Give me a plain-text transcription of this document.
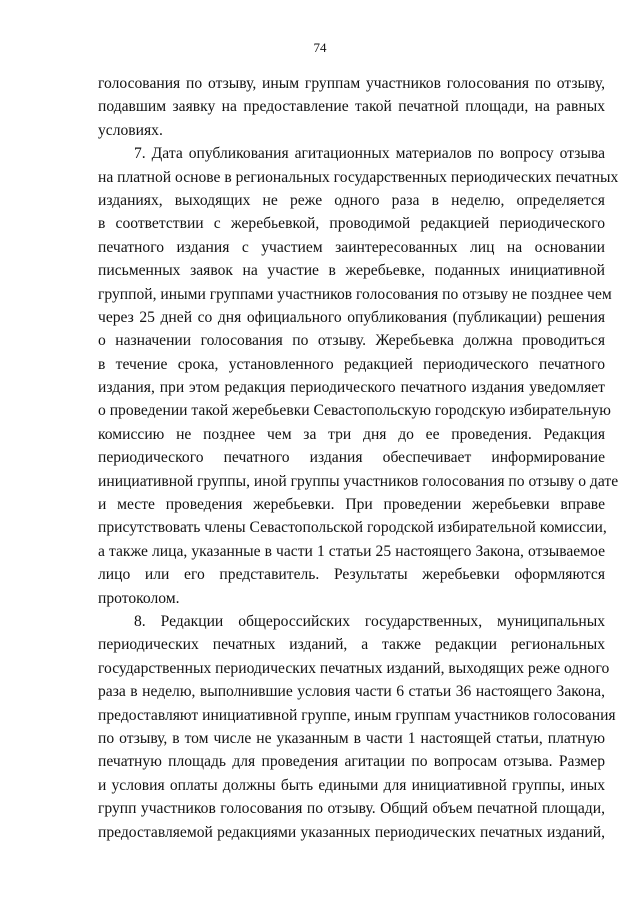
74
голосования по отзыву, иным группам участников голосования по отзыву,
подавшим заявку на предоставление такой печатной площади, на равных
условиях.
7. Дата опубликования агитационных материалов по вопросу отзыва
на платной основе в региональных государственных периодических печатных
изданиях, выходящих не реже одного раза в неделю, определяется
в соответствии с жеребьевкой, проводимой редакцией периодического
печатного издания с участием заинтересованных лиц на основании
письменных заявок на участие в жеребьевке, поданных инициативной
группой, иными группами участников голосования по отзыву не позднее чем
через 25 дней со дня официального опубликования (публикации) решения
о назначении голосования по отзыву. Жеребьевка должна проводиться
в течение срока, установленного редакцией периодического печатного
издания, при этом редакция периодического печатного издания уведомляет
о проведении такой жеребьевки Севастопольскую городскую избирательную
комиссию не позднее чем за три дня до ее проведения. Редакция
периодического печатного издания обеспечивает информирование
инициативной группы, иной группы участников голосования по отзыву о дате
и месте проведения жеребьевки. При проведении жеребьевки вправе
присутствовать члены Севастопольской городской избирательной комиссии,
а также лица, указанные в части 1 статьи 25 настоящего Закона, отзываемое
лицо или его представитель. Результаты жеребьевки оформляются
протоколом.
8. Редакции общероссийских государственных, муниципальных
периодических печатных изданий, а также редакции региональных
государственных периодических печатных изданий, выходящих реже одного
раза в неделю, выполнившие условия части 6 статьи 36 настоящего Закона,
предоставляют инициативной группе, иным группам участников голосования
по отзыву, в том числе не указанным в части 1 настоящей статьи, платную
печатную площадь для проведения агитации по вопросам отзыва. Размер
и условия оплаты должны быть едиными для инициативной группы, иных
групп участников голосования по отзыву. Общий объем печатной площади,
предоставляемой редакциями указанных периодических печатных изданий,
